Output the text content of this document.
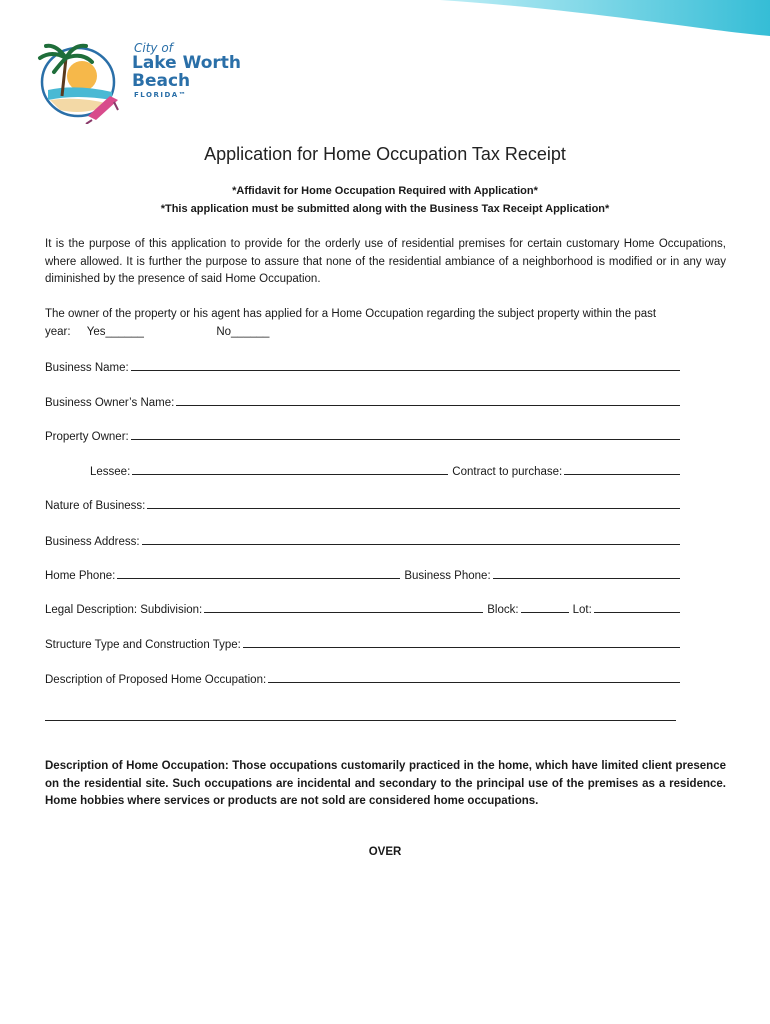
City of
Lake Worth
Beach
FLORIDA™
Application for Home Occupation Tax Receipt
*Affidavit for Home Occupation Required with Application*
*This application must be submitted along with the Business Tax Receipt Application*
It is the purpose of this application to provide for the orderly use of residential premises for certain customary Home Occupations, where allowed. It is further the purpose to assure that none of the residential ambiance of a neighborhood is modified or in any way diminished by the presence of said Home Occupation.
The owner of the property or his agent has applied for a Home Occupation regarding the subject property within the past
year: Yes______	No______
Business Name:
Business Owner’s Name:
Property Owner:
Lessee:	Contract to purchase:
Nature of Business:
Business Address:
Home Phone:	Business Phone:
Legal Description: Subdivision:	Block:	Lot:
Structure Type and Construction Type:
Description of Proposed Home Occupation:
Description of Home Occupation: Those occupations customarily practiced in the home, which have limited client presence on the residential site. Such occupations are incidental and secondary to the principal use of the premises as a residence. Home hobbies where services or products are not sold are considered home occupations.
OVER
